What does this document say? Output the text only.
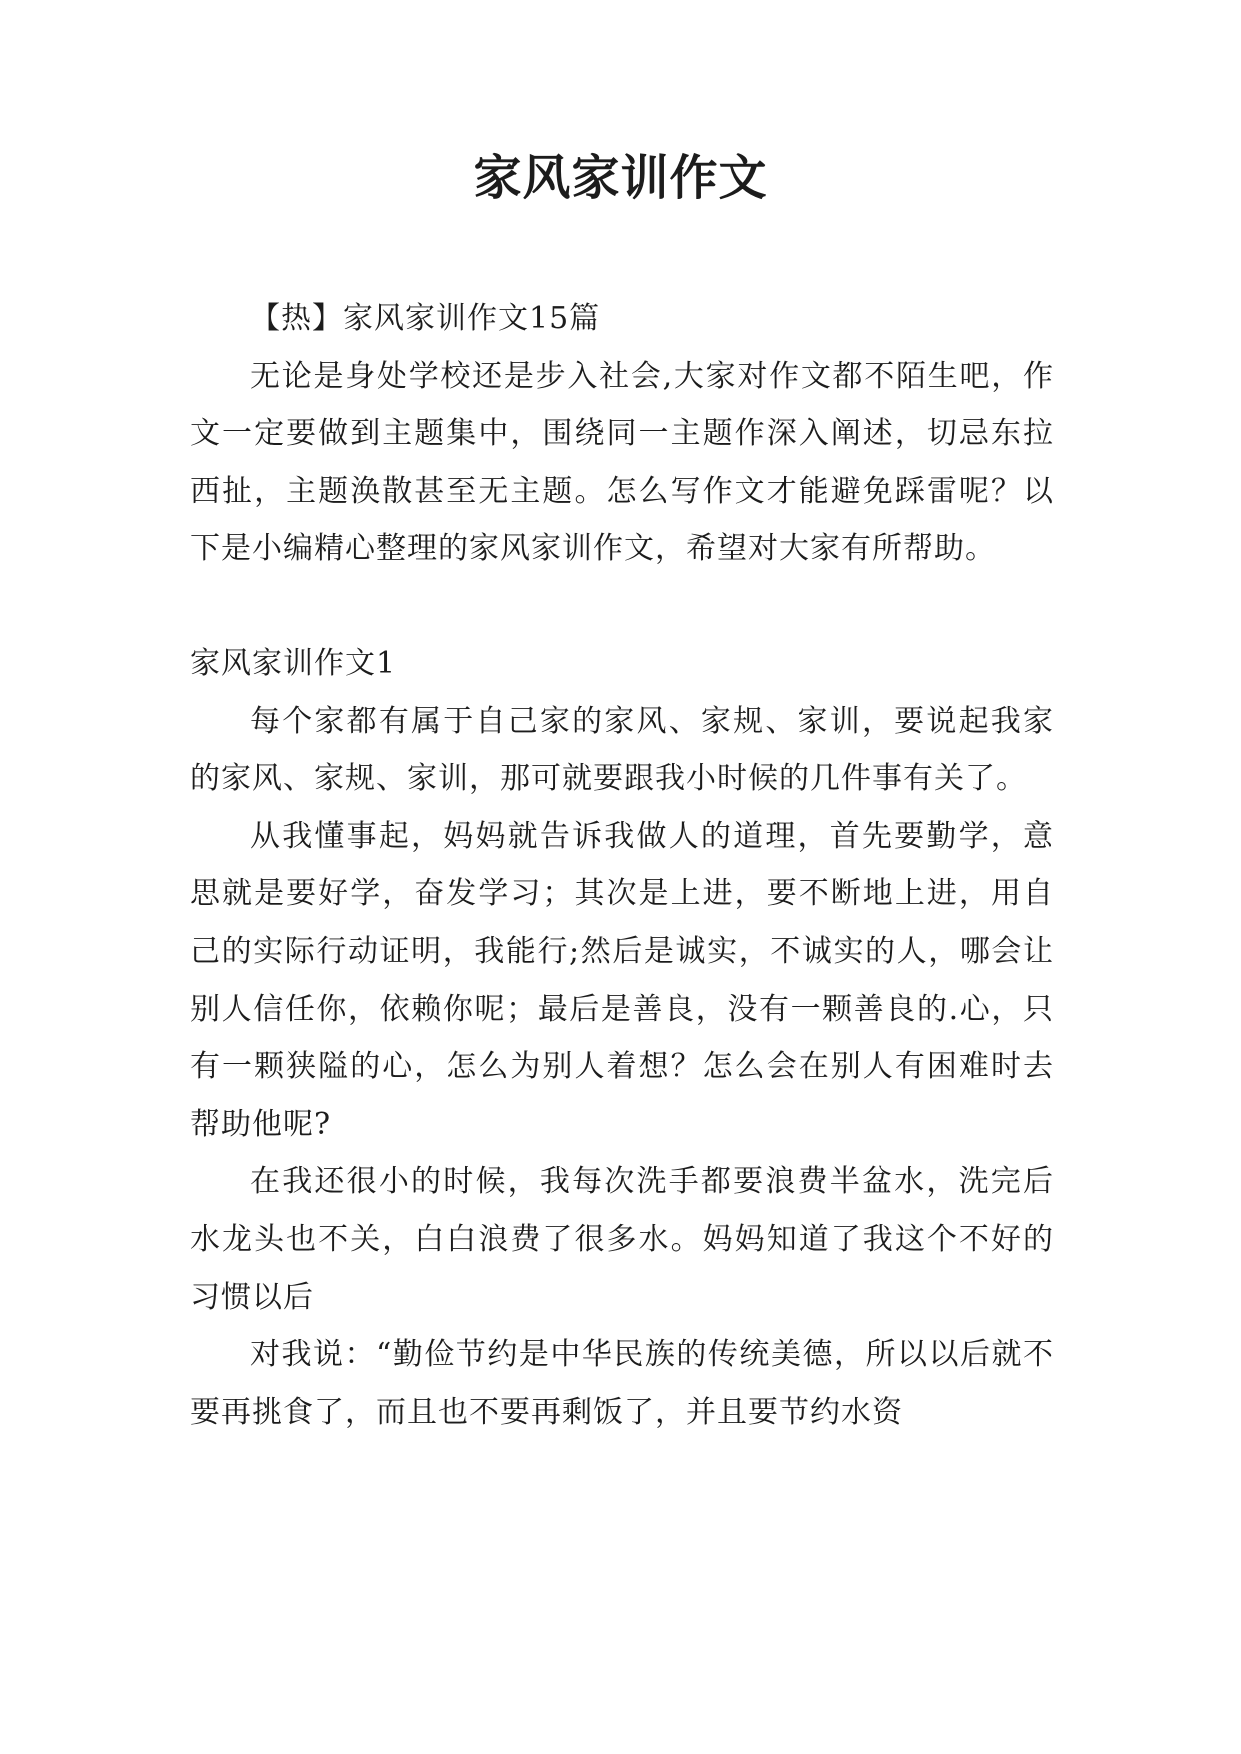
家风家训作文

【热】家风家训作文15篇

无论是身处学校还是步入社会,大家对作文都不陌生吧，作文一定要做到主题集中，围绕同一主题作深入阐述，切忌东拉西扯，主题涣散甚至无主题。怎么写作文才能避免踩雷呢？以下是小编精心整理的家风家训作文，希望对大家有所帮助。

家风家训作文1

每个家都有属于自己家的家风、家规、家训，要说起我家的家风、家规、家训，那可就要跟我小时候的几件事有关了。

从我懂事起，妈妈就告诉我做人的道理，首先要勤学，意思就是要好学，奋发学习；其次是上进，要不断地上进，用自己的实际行动证明，我能行;然后是诚实，不诚实的人，哪会让别人信任你，依赖你呢；最后是善良，没有一颗善良的.心，只有一颗狭隘的心，怎么为别人着想？怎么会在别人有困难时去帮助他呢?

在我还很小的时候，我每次洗手都要浪费半盆水，洗完后水龙头也不关，白白浪费了很多水。妈妈知道了我这个不好的习惯以后

对我说：“勤俭节约是中华民族的传统美德，所以以后就不要再挑食了，而且也不要再剩饭了，并且要节约水资
